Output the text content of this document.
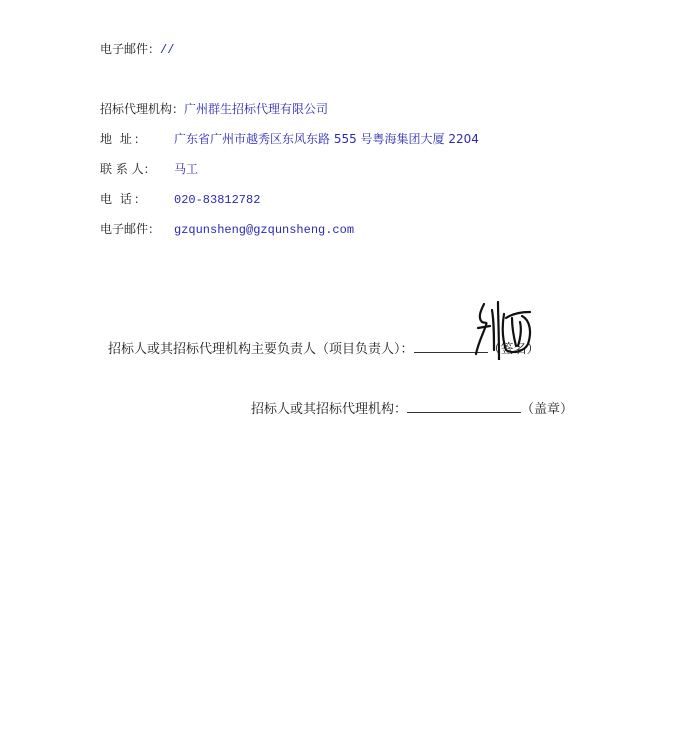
电子邮件：//
招标代理机构：广州群生招标代理有限公司
地 址： 广东省广州市越秀区东风东路 555 号粤海集团大厦 2204
联 系 人： 马工
电 话： 020-83812782
电子邮件： gzqunsheng@gzqunsheng.com
招标人或其招标代理机构主要负责人（项目负责人）：	（签名）
招标人或其招标代理机构：	（盖章）
